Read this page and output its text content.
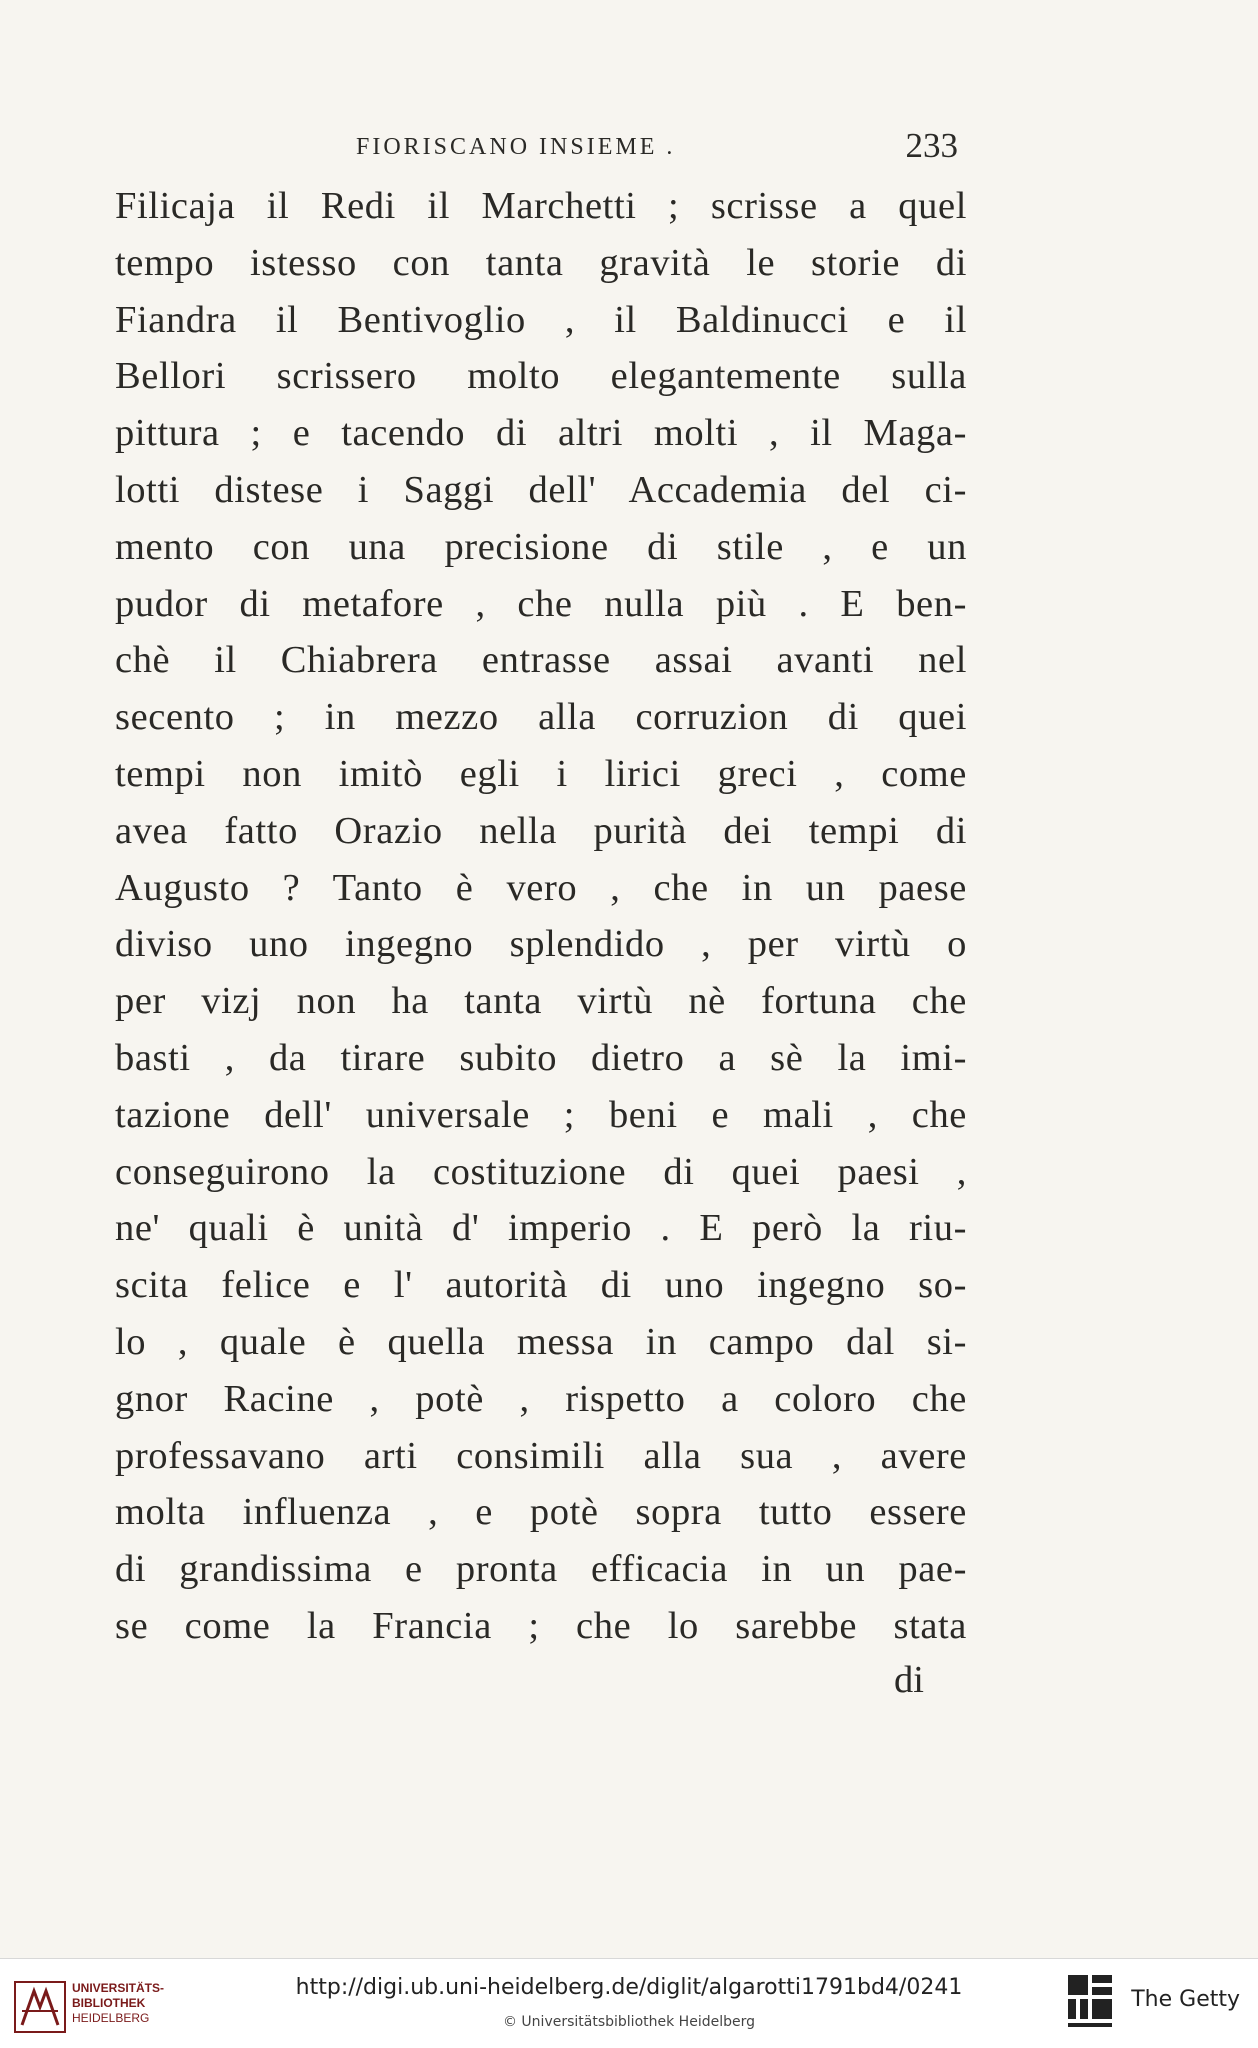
FIORISCANO INSIEME .	233
Filicaja il Redi il Marchetti ; scrisse a quel
tempo istesso con tanta gravità le storie di
Fiandra il Bentivoglio , il Baldinucci e il
Bellori scrissero molto elegantemente sulla
pittura ; e tacendo di altri molti , il Maga-
lotti distese i Saggi dell' Accademia del ci-
mento con una precisione di stile , e un
pudor di metafore , che nulla più . E ben-
chè il Chiabrera entrasse assai avanti nel
secento ; in mezzo alla corruzion di quei
tempi non imitò egli i lirici greci , come
avea fatto Orazio nella purità dei tempi di
Augusto ? Tanto è vero , che in un paese
diviso uno ingegno splendido , per virtù o
per vizj non ha tanta virtù nè fortuna che
basti , da tirare subito dietro a sè la imi-
tazione dell' universale ; beni e mali , che
conseguirono la costituzione di quei paesi ,
ne' quali è unità d' imperio . E però la riu-
scita felice e l' autorità di uno ingegno so-
lo , quale è quella messa in campo dal si-
gnor Racine , potè , rispetto a coloro che
professavano arti consimili alla sua , avere
molta influenza , e potè sopra tutto essere
di grandissima e pronta efficacia in un pae-
se come la Francia ; che lo sarebbe stata
di
UNIVERSITÄTS-
BIBLIOTHEK
HEIDELBERG
http://digi.ub.uni-heidelberg.de/diglit/algarotti1791bd4/0241
© Universitätsbibliothek Heidelberg
The Getty
